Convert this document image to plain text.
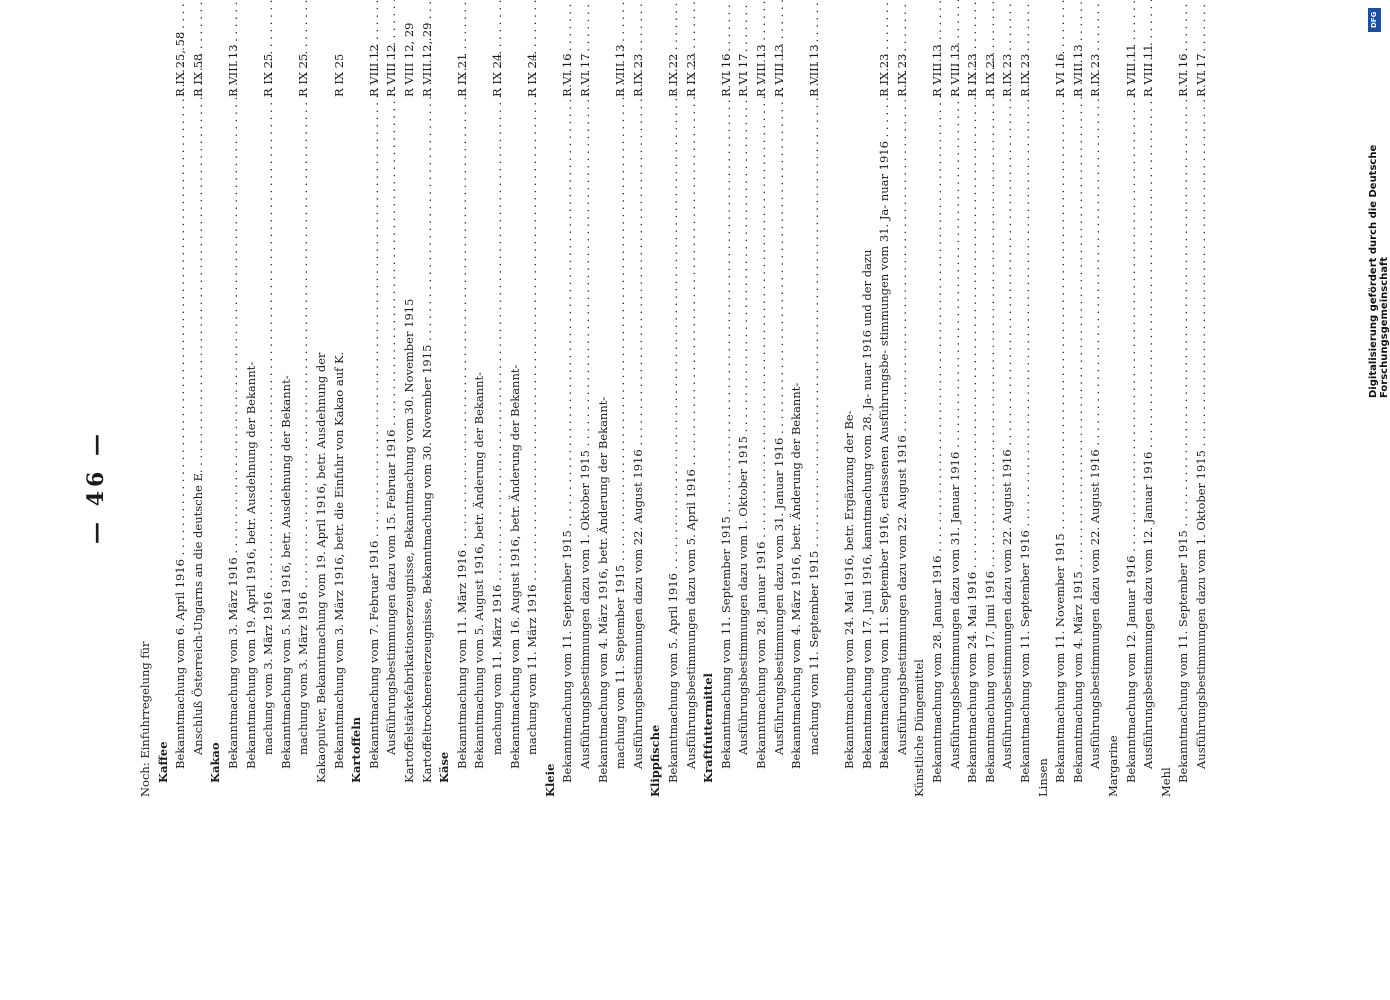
— 46 —
Noch: Einfuhrregelung für Kaffee Bekanntmachung vom 6. April 1916 . . .
R IX 25, 58
Anschluß Österreich-Ungarns an die deutsche E. . . .
R IX 58
Kakao Bekanntmachung vom 3. März 1916 . . .
R VIII 13
Bekanntmachung vom 19. April 1916, betr. Ausdehnung der Bekannt- machung vom 3. März 1916 . . .
R IX 25
Bekanntmachung vom 5. Mai 1916, betr. Ausdehnung der Bekannt- machung vom 3. März 1916 . . .
R IX 25
Kakaopulver, Bekanntmachung vom 19. April 1916, betr. Ausdehnung der Bekanntmachung vom 3. März 1916, betr. die Einfuhr von Kakao auf K.
R IX 25
Kartoffeln Bekanntmachung vom 7. Februar 1916 . . .
R VIII 12
Ausführungsbestimmungen dazu vom 15. Februar 1916 . . .
R VIII 12
Kartoffelstärkefabrikationserzeugnisse, Bekanntmachung vom 30. November 1915
R VIII 12, 29
Kartoffeltrocknereierzeugnisse, Bekanntmachung vom 30. November 1915 . . .
R VIII 12, 29
Käse Bekanntmachung vom 11. März 1916 . . .
R IX 21
Bekanntmachung vom 5. August 1916, betr. Änderung der Bekannt- machung vom 11. März 1916 . . .
R IX 24
Bekanntmachung vom 16. August 1916, betr. Änderung der Bekannt- machung vom 11. März 1916 . . .
R IX 24
Kleie Bekanntmachung vom 11. September 1915 . . .
R VI 16
Ausführungsbestimmungen dazu vom 1. Oktober 1915 . . .
R VI 17
Bekanntmachung vom 4. März 1916, betr. Änderung der Bekannt- machung vom 11. September 1915 . . .
R VIII 13
Ausführungsbestimmungen dazu vom 22. August 1916 . . .
R IX 23
Klippfische Bekanntmachung vom 5. April 1916 . . .
R IX 22
Ausführungsbestimmungen dazu vom 5. April 1916 . . .
R IX 23
Kraftfuttermittel Bekanntmachung vom 11. September 1915 . . .
R VI 16
Ausführungsbestimmungen dazu vom 1. Oktober 1915 . . .
R VI 17
Bekanntmachung vom 28. Januar 1916 . . .
R VIII 13
Ausführungsbestimmungen dazu vom 31. Januar 1916 . . .
R VIII 13
Bekanntmachung vom 4. März 1916, betr. Änderung der Bekannt- machung vom 11. September 1915 . . .
R VIII 13
Bekanntmachung vom 24. Mai 1916, betr. Ergänzung der Be- Bekanntmachung vom 17. Juni 1916, kanntmachung vom 28. Ja- nuar 1916 und der dazu Bekanntmachung vom 11. September 1916, erlassenen Ausführungsbe- stimmungen vom 31. Ja- nuar 1916 . . .
R IX 23
Ausführungsbestimmungen dazu vom 22. August 1916 . . .
R IX 23
Künstliche Düngemittel Bekanntmachung vom 28. Januar 1916 . . .
R VIII 13
Ausführungsbestimmungen dazu vom 31. Januar 1916 . . .
R VIII 13
Bekanntmachung vom 24. Mai 1916 . . .
R IX 23
Bekanntmachung vom 17. Juni 1916 . . .
R IX 23
Ausführungsbestimmungen dazu vom 22. August 1916 . . .
R IX 23
Bekanntmachung vom 11. September 1916 . . .
R IX 23
Linsen Bekanntmachung vom 11. November 1915 . . .
R VI 16
Bekanntmachung vom 4. März 1915 . . .
R VIII 13
Ausführungsbestimmungen dazu vom 22. August 1916 . . .
R IX 23
Margarine Bekanntmachung vom 12. Januar 1916 . . .
R VIII 11
Ausführungsbestimmungen dazu vom 12. Januar 1916 . . .
R VIII 11
Mehl Bekanntmachung vom 11. September 1915 . . .
R VI 16
Ausführungsbestimmungen dazu vom 1. Oktober 1915 . . .
R VI 17
DFG
Digitalisierung gefördert durch die Deutsche Forschungsgemeinschaft
